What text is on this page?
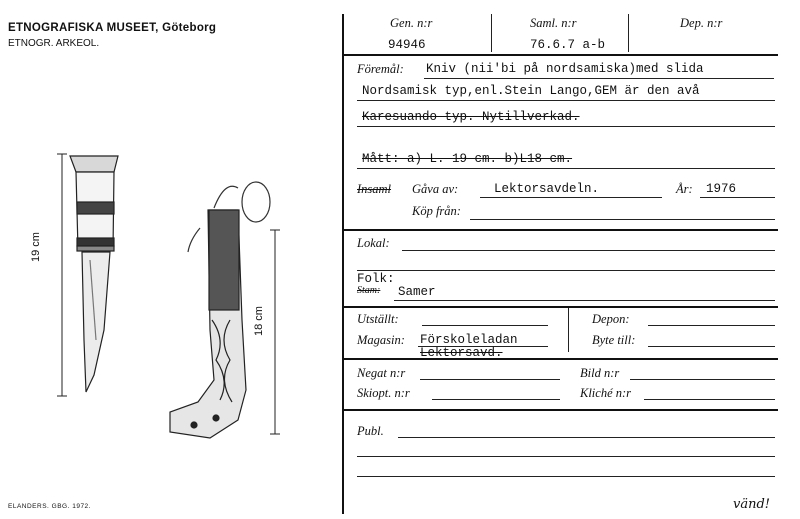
ETNOGRAFISKA MUSEET, Göteborg
ETNOGR. ARKEOL.
ELANDERS. GBG. 1972.
19 cm
18 cm
Gen. n:r
94946
Saml. n:r
76.6.7 a-b
Dep. n:r
Föremål: Kniv (nii'bi på nordsamiska)med slida
Nordsamisk typ,enl.Stein Lango,GEM är den avå
Karesuando-typ. Nytillverkad.
Mått: a) L. 19 cm. b)L18 cm.
Insaml Gåva av:	Lektorsavdeln.	År: 1976
Köp från:
Lokal:
Folk:
Stam: Samer
Utställt:	Depon:
Magasin: Förskoleladan
Lektorsavd.
Byte till:
Negat n:r	Bild n:r
Skiopt. n:r	Kliché n:r
Publ.
vänd!
